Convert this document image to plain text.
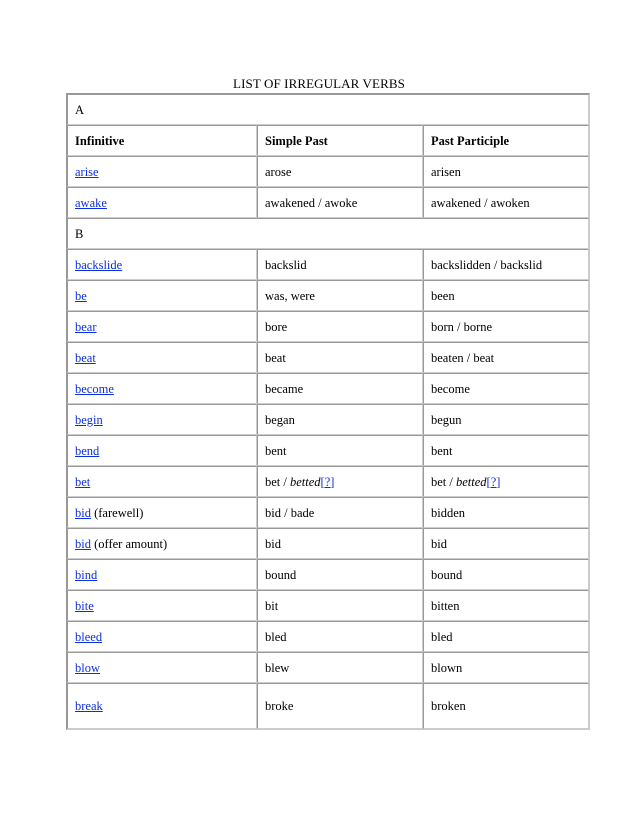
LIST OF IRREGULAR VERBS
A		
Infinitive	Simple Past	Past Participle
arise	arose	arisen
awake	awakened / awoke	awakened / awoken
B		
backslide	backslid	backslidden / backslid
be	was, were	been
bear	bore	born / borne
beat	beat	beaten / beat
become	became	become
begin	began	begun
bend	bent	bent
bet	bet / betted[?]	bet / betted[?]
bid (farewell)	bid / bade	bidden
bid (offer amount)	bid	bid
bind	bound	bound
bite	bit	bitten
bleed	bled	bled
blow	blew	blown
break	broke	broken
